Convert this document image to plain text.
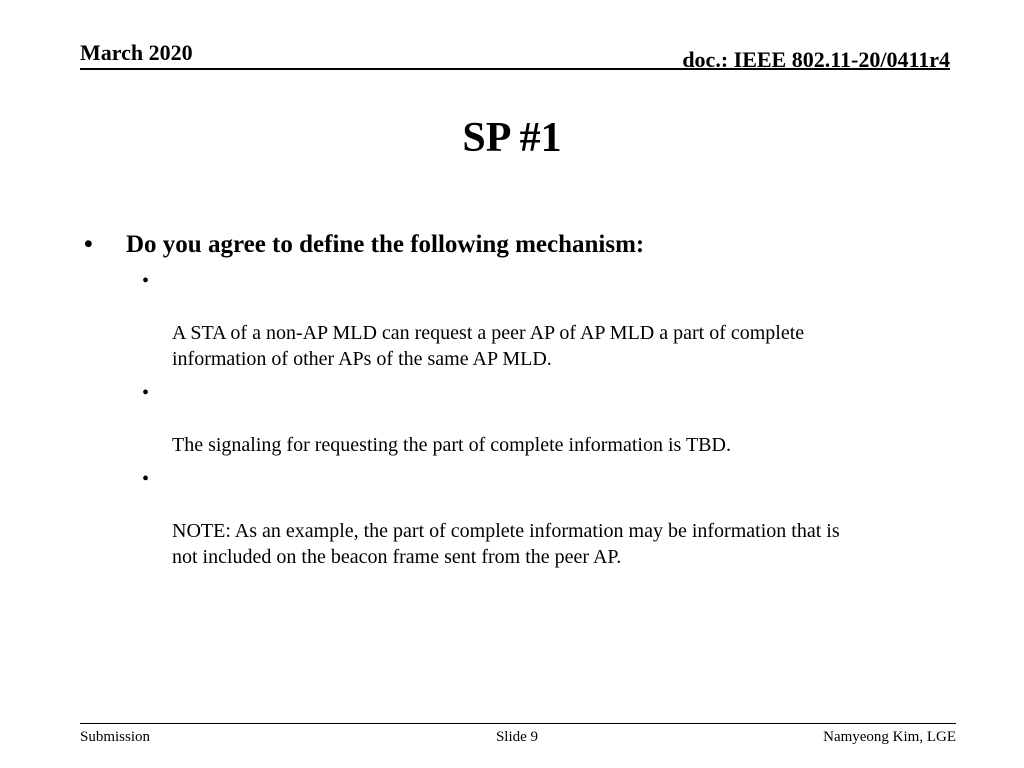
March 2020	doc.: IEEE 802.11-20/0411r4
SP #1
• Do you agree to define the following mechanism:

•

A STA of a non-AP MLD can request a peer AP of AP MLD a part of complete
information of other APs of the same AP MLD.

•

The signaling for requesting the part of complete information is TBD.

•

NOTE: As an example, the part of complete information may be information that is
not included on the beacon frame sent from the peer AP.

Submission	Slide 9	Namyeong Kim, LGE
